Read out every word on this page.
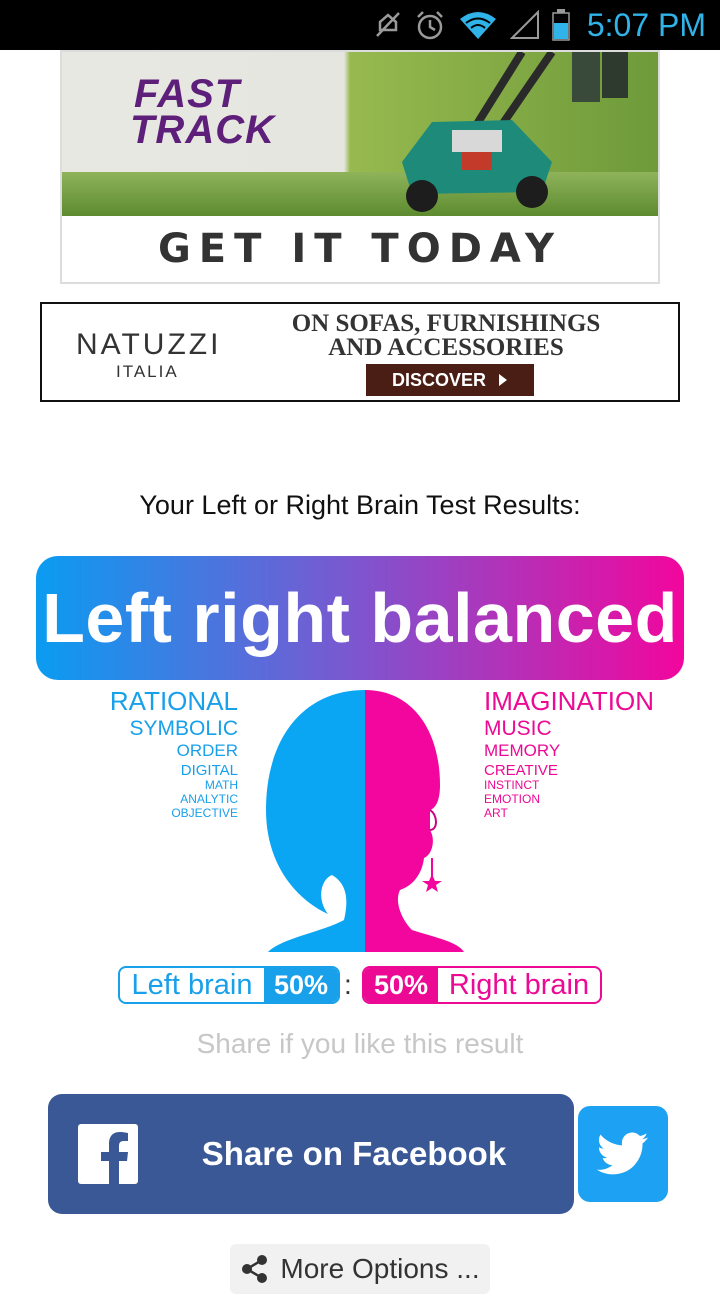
5:07 PM
FAST
TRACK
GET IT TODAY
NATUZZI
ITALIA
ON SOFAS, FURNISHINGS AND ACCESSORIES
DISCOVER
Your Left or Right Brain Test Results:
Left right balanced
RATIONAL
SYMBOLIC
ORDER
DIGITAL
MATH
ANALYTIC
OBJECTIVE
IMAGINATION
MUSIC
MEMORY
CREATIVE
INSTINCT
EMOTION
ART
Left brain 50% : 50% Right brain
Share if you like this result
Share on Facebook
More Options ...
